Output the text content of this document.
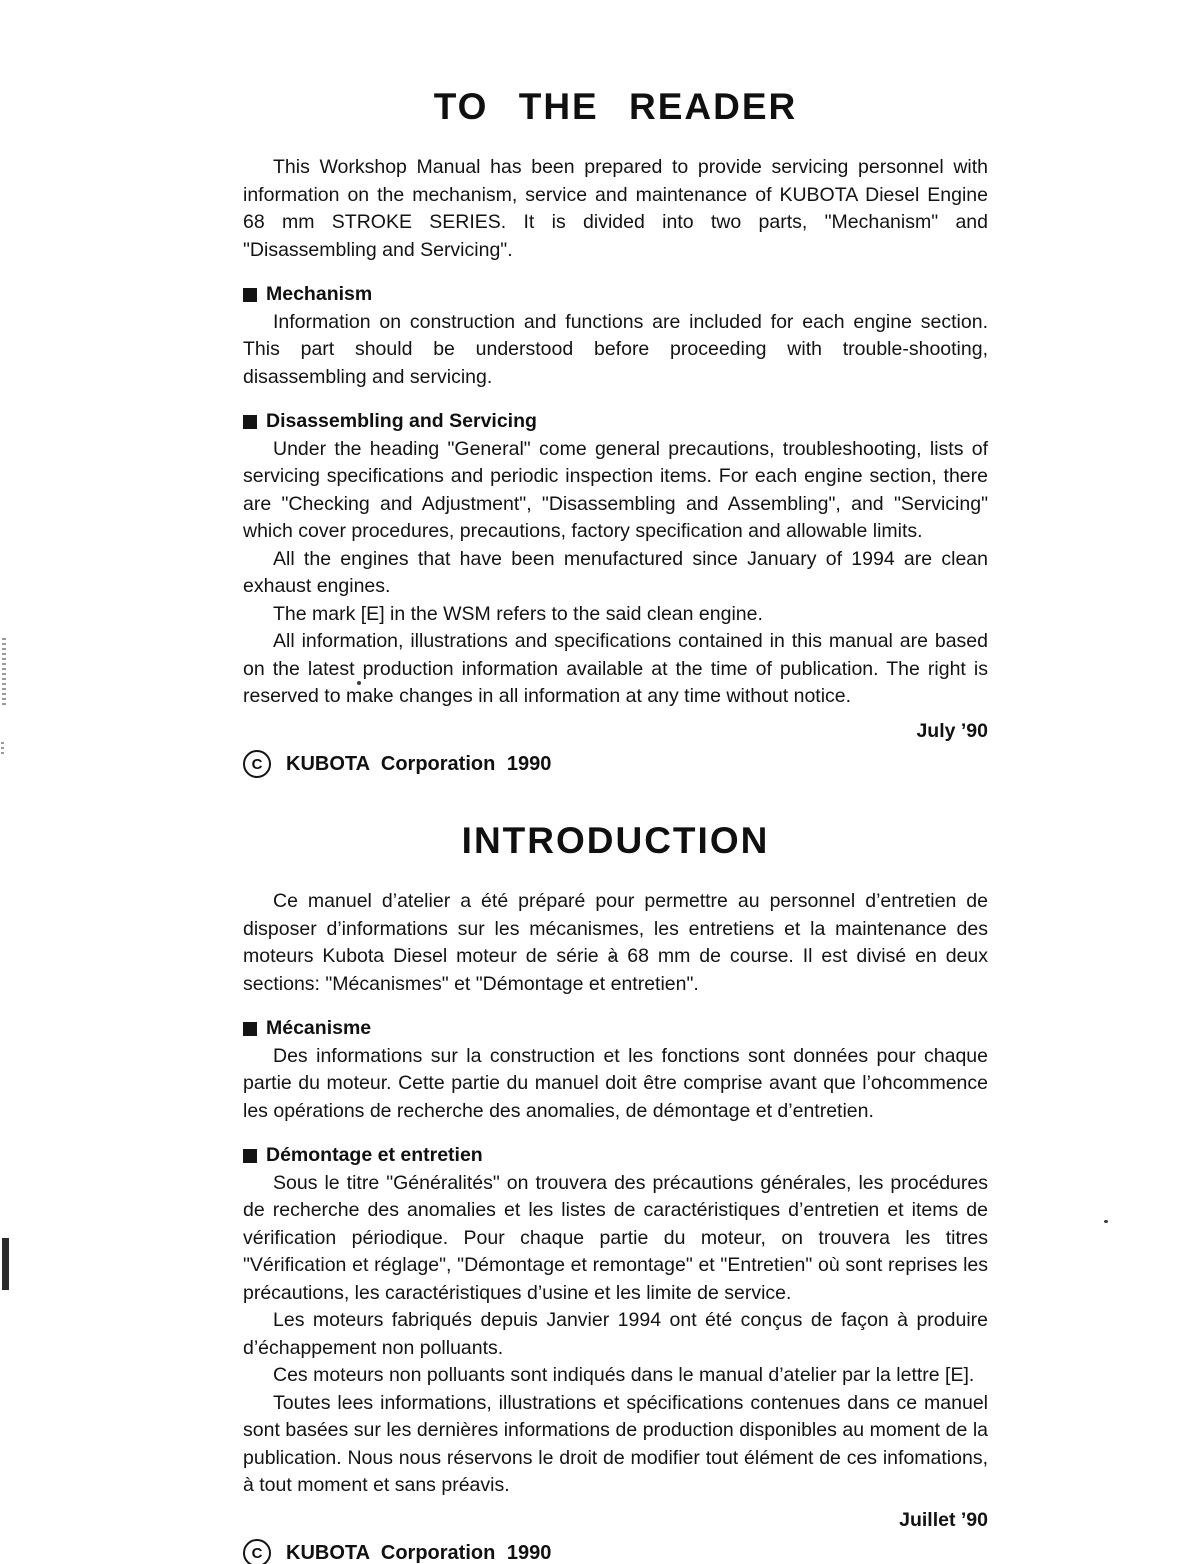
TO THE READER

This Workshop Manual has been prepared to provide servicing personnel with information on the mechanism, service and maintenance of KUBOTA Diesel Engine 68 mm STROKE SERIES. It is divided into two parts, "Mechanism" and "Disassembling and Servicing".

Mechanism

Information on construction and functions are included for each engine section. This part should be understood before proceeding with trouble-shooting, disassembling and servicing.

Disassembling and Servicing

Under the heading "General" come general precautions, troubleshooting, lists of servicing specifications and periodic inspection items. For each engine section, there are "Checking and Adjustment", "Disassembling and Assembling", and "Servicing" which cover procedures, precautions, factory specification and allowable limits.

All the engines that have been menufactured since January of 1994 are clean exhaust engines.

The mark [E] in the WSM refers to the said clean engine.

All information, illustrations and specifications contained in this manual are based on the latest production information available at the time of publication. The right is reserved to make changes in all information at any time without notice.

July ’90
C	KUBOTA Corporation 1990
INTRODUCTION

Ce manuel d’atelier a été préparé pour permettre au personnel d’entretien de disposer d’informations sur les mécanismes, les entretiens et la maintenance des moteurs Kubota Diesel moteur de série à 68 mm de course. Il est divisé en deux sections: "Mécanismes" et "Démontage et entretien".

Mécanisme

Des informations sur la construction et les fonctions sont données pour chaque partie du moteur. Cette partie du manuel doit être comprise avant que l’oncommence les opérations de recherche des anomalies, de démontage et d’entretien.

Démontage et entretien

Sous le titre "Généralités" on trouvera des précautions générales, les procédures de recherche des anomalies et les listes de caractéristiques d’entretien et items de vérification périodique. Pour chaque partie du moteur, on trouvera les titres "Vérification et réglage", "Démontage et remontage" et "Entretien" où sont reprises les précautions, les caractéristiques d’usine et les limite de service.

Les moteurs fabriqués depuis Janvier 1994 ont été conçus de façon à produire d’échappement non polluants.

Ces moteurs non polluants sont indiqués dans le manual d’atelier par la lettre [E].

Toutes lees informations, illustrations et spécifications contenues dans ce manuel sont basées sur les dernières informations de production disponibles au moment de la publication. Nous nous réservons le droit de modifier tout élément de ces infomations, à tout moment et sans préavis.

Juillet ’90
C	KUBOTA Corporation 1990
